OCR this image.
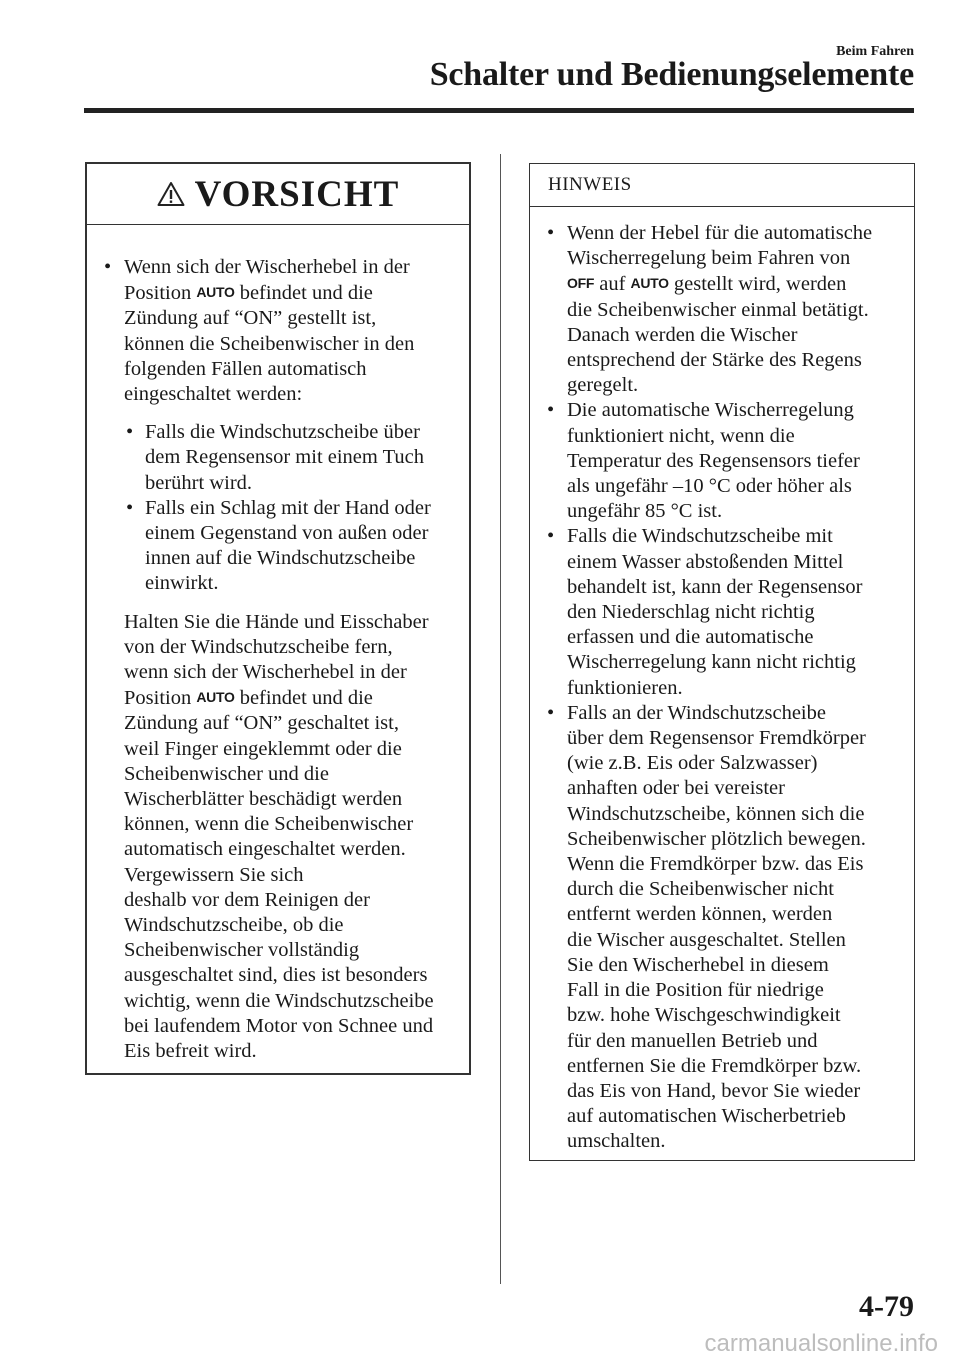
Beim Fahren
Schalter und Bedienungselemente
VORSICHT
• Wenn sich der Wischerhebel in der
Position AUTO befindet und die
Zündung auf “ON” gestellt ist,
können die Scheibenwischer in den
folgenden Fällen automatisch
eingeschaltet werden:
• Falls die Windschutzscheibe über
dem Regensensor mit einem Tuch
berührt wird.
• Falls ein Schlag mit der Hand oder
einem Gegenstand von außen oder
innen auf die Windschutzscheibe
einwirkt.
Halten Sie die Hände und Eisschaber
von der Windschutzscheibe fern,
wenn sich der Wischerhebel in der
Position AUTO befindet und die
Zündung auf “ON” geschaltet ist,
weil Finger eingeklemmt oder die
Scheibenwischer und die
Wischerblätter beschädigt werden
können, wenn die Scheibenwischer
automatisch eingeschaltet werden.
Vergewissern Sie sich
deshalb vor dem Reinigen der
Windschutzscheibe, ob die
Scheibenwischer vollständig
ausgeschaltet sind, dies ist besonders
wichtig, wenn die Windschutzscheibe
bei laufendem Motor von Schnee und
Eis befreit wird.
HINWEIS
• Wenn der Hebel für die automatische
Wischerregelung beim Fahren von
OFF auf AUTO gestellt wird, werden
die Scheibenwischer einmal betätigt.
Danach werden die Wischer
entsprechend der Stärke des Regens
geregelt.
• Die automatische Wischerregelung
funktioniert nicht, wenn die
Temperatur des Regensensors tiefer
als ungefähr –10 °C oder höher als
ungefähr 85 °C ist.
• Falls die Windschutzscheibe mit
einem Wasser abstoßenden Mittel
behandelt ist, kann der Regensensor
den Niederschlag nicht richtig
erfassen und die automatische
Wischerregelung kann nicht richtig
funktionieren.
• Falls an der Windschutzscheibe
über dem Regensensor Fremdkörper
(wie z.B. Eis oder Salzwasser)
anhaften oder bei vereister
Windschutzscheibe, können sich die
Scheibenwischer plötzlich bewegen.
Wenn die Fremdkörper bzw. das Eis
durch die Scheibenwischer nicht
entfernt werden können, werden
die Wischer ausgeschaltet. Stellen
Sie den Wischerhebel in diesem
Fall in die Position für niedrige
bzw. hohe Wischgeschwindigkeit
für den manuellen Betrieb und
entfernen Sie die Fremdkörper bzw.
das Eis von Hand, bevor Sie wieder
auf automatischen Wischerbetrieb
umschalten.
4-79
carmanualsonline.info
